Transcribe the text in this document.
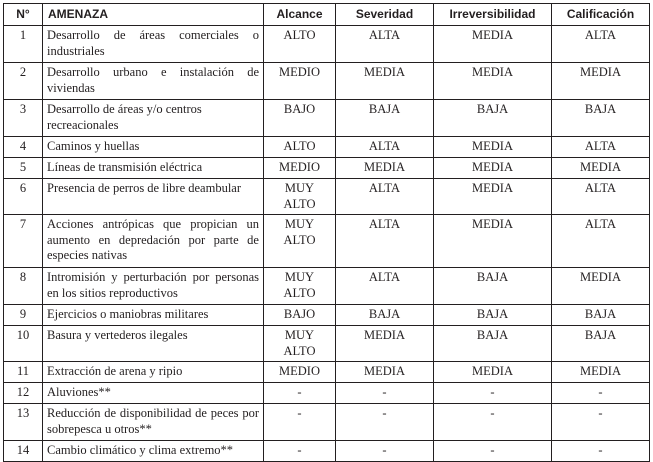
N°	AMENAZA	Alcance	Severidad	Irreversibilidad	Calificación
1	Desarrollo de áreas comerciales o industriales	ALTO	ALTA	MEDIA	ALTA
2	Desarrollo urbano e instalación de viviendas	MEDIO	MEDIA	MEDIA	MEDIA
3	Desarrollo de áreas y/o centros recreacionales	BAJO	BAJA	BAJA	BAJA
4	Caminos y huellas	ALTO	ALTA	MEDIA	ALTA
5	Líneas de transmisión eléctrica	MEDIO	MEDIA	MEDIA	MEDIA
6	Presencia de perros de libre deambular	MUY ALTO	ALTA	MEDIA	ALTA
7	Acciones antrópicas que propician un aumento en depredación por parte de especies nativas	MUY ALTO	ALTA	MEDIA	ALTA
8	Intromisión y perturbación por personas en los sitios reproductivos	MUY ALTO	ALTA	BAJA	MEDIA
9	Ejercicios o maniobras militares	BAJO	BAJA	BAJA	BAJA
10	Basura y vertederos ilegales	MUY ALTO	MEDIA	BAJA	BAJA
11	Extracción de arena y ripio	MEDIO	MEDIA	MEDIA	MEDIA
12	Aluviones**	-	-	-	-
13	Reducción de disponibilidad de peces por sobrepesca u otros**	-	-	-	-
14	Cambio climático y clima extremo**	-	-	-	-
